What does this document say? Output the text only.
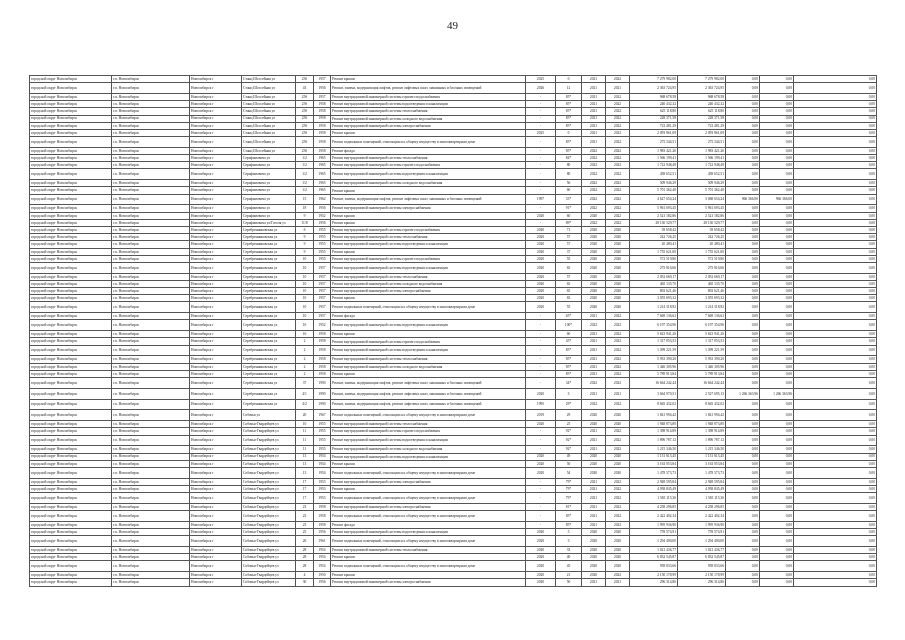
49
городской округ Новосибирск	г.п. Новосибирск	Новосибирск г	Станц Шоссейная ул	25б	1957	Ремонт крыши	2025	0	2021	2022	7 279 982,00	7 279 982,00	0,00	0,00	0,00
городской округ Новосибирск	г.п. Новосибирск	Новосибирск г	Станц Шоссейная ул	43	1956	Ремонт, замена, модернизация лифтов, ремонт лифтовых шахт, машинных и блочных помещений	2026	12	2021	2021	2 363 724,95	2 363 724,95	0,00	0,00	0,00
городской округ Новосибирск	г.п. Новосибирск	Новосибирск г	Станц Шоссейная ул	25б	1957	Ремонт внутридомовой инженерной системы горячего водоснабжения	-	85*	2021	2022	968 678,58	968 678,58	0,00	0,00	0,00
городской округ Новосибирск	г.п. Новосибирск	Новосибирск г	Станц Шоссейная ул	25б	1958	Ремонт внутридомовой инженерной системы водоотведения и канализации	-	85*	2021	2022	246 432,32	246 432,32	0,00	0,00	0,00
городской округ Новосибирск	г.п. Новосибирск	Новосибирск г	Станц Шоссейная ул	25б	1958	Ремонт внутридомовой инженерной системы теплоснабжения	-	85*	2021	2022	625 118,80	625 118,80	0,00	0,00	0,00
городской округ Новосибирск	г.п. Новосибирск	Новосибирск г	Станц Шоссейная ул	25б	1958	Ремонт внутридомовой инженерной системы холодного водоснабжения	-	85*	2021	2022	228 371,58	228 371,58	0,00	0,00	0,00
городской округ Новосибирск	г.п. Новосибирск	Новосибирск г	Станц Шоссейная ул	25б	1958	Ремонт внутридомовой инженерной системы электроснабжения	-	85*	2021	2022	723 481,29	723 481,29	0,00	0,00	0,00
городской округ Новосибирск	г.п. Новосибирск	Новосибирск г	Станц Шоссейная ул	25б	1958	Ремонт крыши	2025	0	2021	2022	2 093 861,69	2 093 861,69	0,00	0,00	0,00
городской округ Новосибирск	г.п. Новосибирск	Новосибирск г	Станц Шоссейная ул	25б	1958	Ремонт подвальных помещений, относящихся к общему имуществу в многоквартирном доме	-	85*	2021	2022	275 344,51	275 344,51	0,00	0,00	0,00
городской округ Новосибирск	г.п. Новосибирск	Новосибирск г	Станц Шоссейная ул	25б	1958	Ремонт фасада	-	85*	2022	2022	1 983 421,26	1 983 421,26	0,00	0,00	0,00
городской округ Новосибирск	г.п. Новосибирск	Новосибирск г	Серафимовича ул	1/2	1965	Ремонт внутридомовой инженерной системы теплоснабжения	-	84*	2022	2022	1 566 199,41	1 566 199,41	0,00	0,00	0,00
городской округ Новосибирск	г.п. Новосибирск	Новосибирск г	Серафимовича ул	1/2	1965	Ремонт внутридомовой инженерной системы горячего водоснабжения	-	80	2022	2022	1 722 948,49	1 722 948,49	0,00	0,00	0,00
городской округ Новосибирск	г.п. Новосибирск	Новосибирск г	Серафимовича ул	1/2	1965	Ремонт внутридомовой инженерной системы водоотведения и канализации	-	80	2022	2022	458 652,51	458 652,51	0,00	0,00	0,00
городской округ Новосибирск	г.п. Новосибирск	Новосибирск г	Серафимовича ул	1/2	1965	Ремонт внутридомовой инженерной системы холодного водоснабжения	-	56	2022	2022	509 946,29	509 946,29	0,00	0,00	0,00
городской округ Новосибирск	г.п. Новосибирск	Новосибирск г	Серафимовича ул	1/2	1965	Ремонт крыши	-	60	2022	2022	5 701 362,40	5 701 362,40	0,00	0,00	0,00
городской округ Новосибирск	г.п. Новосибирск	Новосибирск г	Серафимовича ул	15	1962	Ремонт, замена, модернизация лифтов, ремонт лифтовых шахт, машинных и блочных помещений	1997	33*	2022	2022	4 627 654,24	3 068 654,24	966 366,00	966 366,00	0,00
городской округ Новосибирск	г.п. Новосибирск	Новосибирск г	Серафимовича ул	18	1956	Ремонт внутридомовой инженерной системы электроснабжения	-	91*	2022	2022	5 961 693,45	5 961 693,45	0,00	0,00	0,00
городской округ Новосибирск	г.п. Новосибирск	Новосибирск г	Серафимовича ул	9	1952	Ремонт крыши	2020	60	2020	2022	2 521 182,86	2 521 182,86	0,00	0,00	0,00
городской округ Новосибирск	г.п. Новосибирск	Новосибирск г	Серафимовича ул/Гоголя ул	11/8	1956	Ремонт крыши	-	89*	2022	2022	28 130 529,77	28 130 529,77	0,00	0,00	0,00
городской округ Новосибирск	г.п. Новосибирск	Новосибирск г	Серебренниковская ул	6	1955	Ремонт внутридомовой инженерной системы горячего водоснабжения	2020	71	2020	2020	39 658,42	39 658,42	0,00	0,00	0,00
городской округ Новосибирск	г.п. Новосибирск	Новосибирск г	Серебренниковская ул	9	1955	Ремонт внутридомовой инженерной системы теплоснабжения	2020	57	2020	2020	242 726,25	242 726,25	0,00	0,00	0,00
городской округ Новосибирск	г.п. Новосибирск	Новосибирск г	Серебренниковская ул	9	1955	Ремонт внутридомовой инженерной системы водоотведения и канализации	2020	57	2020	2020	20 480,41	20 480,41	0,00	0,00	0,00
городской округ Новосибирск	г.п. Новосибирск	Новосибирск г	Серебренниковская ул	9	1955	Ремонт крыши	2020	37	2020	2020	1 755 621,00	1 755 621,00	0,00	0,00	0,00
городской округ Новосибирск	г.п. Новосибирск	Новосибирск г	Серебренниковская ул	10	1955	Ремонт внутридомовой инженерной системы горячего водоснабжения	2020	55	2020	2020	572 519,80	572 519,80	0,00	0,00	0,00
городской округ Новосибирск	г.п. Новосибирск	Новосибирск г	Серебренниковская ул	10	1957	Ремонт внутридомовой инженерной системы водоотведения и канализации	2020	65	2020	2020	275 816,66	275 816,66	0,00	0,00	0,00
городской округ Новосибирск	г.п. Новосибирск	Новосибирск г	Серебренниковская ул	10	1957	Ремонт внутридомовой инженерной системы теплоснабжения	2020	57	2020	2020	2 052 669,17	2 052 669,17	0,00	0,00	0,00
городской округ Новосибирск	г.п. Новосибирск	Новосибирск г	Серебренниковская ул	10	1957	Ремонт внутридомовой инженерной системы холодного водоснабжения	2020	65	2020	2020	465 135,70	465 135,70	0,00	0,00	0,00
городской округ Новосибирск	г.п. Новосибирск	Новосибирск г	Серебренниковская ул	10	1957	Ремонт внутридомовой инженерной системы электроснабжения	2020	65	2020	2020	803 621,46	803 621,46	0,00	0,00	0,00
городской округ Новосибирск	г.п. Новосибирск	Новосибирск г	Серебренниковская ул	10	1957	Ремонт крыши	2020	65	2020	2020	3 055 693,32	3 055 693,32	0,00	0,00	0,00
городской округ Новосибирск	г.п. Новосибирск	Новосибирск г	Серебренниковская ул	10	1957	Ремонт подвальных помещений, относящихся к общему имуществу в многоквартирном доме	2020	55	2020	2020	1 214 318,92	1 214 318,92	0,00	0,00	0,00
городской округ Новосибирск	г.п. Новосибирск	Новосибирск г	Серебренниковская ул	10	1957	Ремонт фасада	-	65*	2021	2022	7 669 136,62	7 669 136,62	0,00	0,00	0,00
городской округ Новосибирск	г.п. Новосибирск	Новосибирск г	Серебренниковская ул	16	1952	Ремонт внутридомовой инженерной системы водоотведения и канализации	-	100*	2022	2022	6 197 354,96	6 197 354,96	0,00	0,00	0,00
городской округ Новосибирск	г.п. Новосибирск	Новосибирск г	Серебренниковская ул	16	1958	Ремонт крыши	-	60	2021	2022	5 623 941,26	5 623 941,26	0,00	0,00	0,00
городской округ Новосибирск	г.п. Новосибирск	Новосибирск г	Серебренниковская ул	2	1958	Ремонт внутридомовой инженерной системы горячего водоснабжения	-	45*	2021	2022	1 317 053,53	1 317 053,53	0,00	0,00	0,00
городской округ Новосибирск	г.п. Новосибирск	Новосибирск г	Серебренниковская ул	2	1958	Ремонт внутридомовой инженерной системы водоотведения и канализации	-	85*	2021	2022	1 399 221,59	1 399 221,59	0,00	0,00	0,00
городской округ Новосибирск	г.п. Новосибирск	Новосибирск г	Серебренниковская ул	2	1958	Ремонт внутридомовой инженерной системы теплоснабжения	-	85*	2021	2022	5 933 390,20	5 933 390,20	0,00	0,00	0,00
городской округ Новосибирск	г.п. Новосибирск	Новосибирск г	Серебренниковская ул	2	1958	Ремонт внутридомовой инженерной системы холодного водоснабжения	-	85*	2021	2022	1 446 305,96	1 446 305,96	0,00	0,00	0,00
городской округ Новосибирск	г.п. Новосибирск	Новосибирск г	Серебренниковская ул	2	1958	Ремонт крыши	-	85*	2021	2022	5 789 913,84	5 789 913,84	0,00	0,00	0,00
городской округ Новосибирск	г.п. Новосибирск	Новосибирск г	Серебренниковская ул	37	1990	Ремонт, замена, модернизация лифтов, ремонт лифтовых шахт, машинных и блочных помещений	-	34*	2022	2022	16 664 242,44	16 664 242,44	0,00	0,00	0,00
городской округ Новосибирск	г.п. Новосибирск	Новосибирск г	Серебренниковская ул	4/1	1990	Ремонт, замена, модернизация лифтов, ремонт лифтовых шахт, машинных и блочных помещений	2020	3	2021	2021	3 664 970,51	2 527 695,13	1 266 363,96	1 266 363,96	0,00
городской округ Новосибирск	г.п. Новосибирск	Новосибирск г	Серебренниковская ул	4/2	1990	Ремонт, замена, модернизация лифтов, ремонт лифтовых шахт, машинных и блочных помещений	1995	29*	2022	2022	8 665 432,02	8 665 432,02	0,00	0,00	0,00
городской округ Новосибирск	г.п. Новосибирск	Новосибирск г	Собачья ул	20	1967	Ремонт подвальных помещений, относящихся к общему имуществу в многоквартирном доме	2019	29	2020	2020	1 841 994,42	1 841 994,42	0,00	0,00	0,00
городской округ Новосибирск	г.п. Новосибирск	Новосибирск г	Собачья-Гвардейцев ул	10	1955	Ремонт внутридомовой инженерной системы теплоснабжения	2020	25	2020	2020	1 948 873,80	1 948 873,80	0,00	0,00	0,00
городской округ Новосибирск	г.п. Новосибирск	Новосибирск г	Собачья-Гвардейцев ул	11	1955	Ремонт внутридомовой инженерной системы горячего водоснабжения	-	92*	2021	2022	1 398 914,89	1 398 914,89	0,00	0,00	0,00
городской округ Новосибирск	г.п. Новосибирск	Новосибирск г	Собачья-Гвардейцев ул	11	1955	Ремонт внутридомовой инженерной системы водоотведения и канализации	-	92*	2021	2022	1 896 787,12	1 896 787,12	0,00	0,00	0,00
городской округ Новосибирск	г.п. Новосибирск	Новосибирск г	Собачья-Гвардейцев ул	11	1955	Ремонт внутридомовой инженерной системы холодного водоснабжения	-	92*	2021	2022	1 215 346,50	1 215 346,50	0,00	0,00	0,00
городской округ Новосибирск	г.п. Новосибирск	Новосибирск г	Собачья-Гвардейцев ул	13	1954	Ремонт внутридомовой инженерной системы водоотведения и канализации	2020	49	2020	2020	1 151 613,45	1 151 613,45	0,00	0,00	0,00
городской округ Новосибирск	г.п. Новосибирск	Новосибирск г	Собачья-Гвардейцев ул	13	1954	Ремонт крыши	2020	50	2020	2020	3 163 053,84	3 163 053,84	0,00	0,00	0,00
городской округ Новосибирск	г.п. Новосибирск	Новосибирск г	Собачья-Гвардейцев ул	13	1954	Ремонт подвальных помещений, относящихся к общему имуществу в многоквартирном доме	2020	54	2020	2020	1 478 573,73	1 478 573,73	0,00	0,00	0,00
городской округ Новосибирск	г.п. Новосибирск	Новосибирск г	Собачья-Гвардейцев ул	17	1953	Ремонт внутридомовой инженерной системы электроснабжения	-	79*	2021	2022	2 948 595,84	2 948 595,84	0,00	0,00	0,00
городской округ Новосибирск	г.п. Новосибирск	Новосибирск г	Собачья-Гвардейцев ул	17	1953	Ремонт крыши	-	79*	2021	2022	4 938 845,49	4 938 845,49	0,00	0,00	0,00
городской округ Новосибирск	г.п. Новосибирск	Новосибирск г	Собачья-Гвардейцев ул	17	1953	Ремонт подвальных помещений, относящихся к общему имуществу в многоквартирном доме	-	79*	2021	2022	1 565 115,36	1 565 115,36	0,00	0,00	0,00
городской округ Новосибирск	г.п. Новосибирск	Новосибирск г	Собачья-Гвардейцев ул	23	1958	Ремонт внутридомовой инженерной системы электроснабжения	-	81*	2021	2022	4 258 296,85	4 258 296,85	0,00	0,00	0,00
городской округ Новосибирск	г.п. Новосибирск	Новосибирск г	Собачья-Гвардейцев ул	23	1958	Ремонт подвальных помещений, относящихся к общему имуществу в многоквартирном доме	-	85*	2021	2022	2 422 402,34	2 422 402,34	0,00	0,00	0,00
городской округ Новосибирск	г.п. Новосибирск	Новосибирск г	Собачья-Гвардейцев ул	23	1958	Ремонт фасада	-	85*	2021	2022	1 995 936,90	1 995 936,90	0,00	0,00	0,00
городской округ Новосибирск	г.п. Новосибирск	Новосибирск г	Собачья-Гвардейцев ул	25	1956	Ремонт внутридомовой инженерной системы водоотведения и канализации	2020	5	2020	2020	759 574,91	759 574,91	0,00	0,00	0,00
городской округ Новосибирск	г.п. Новосибирск	Новосибирск г	Собачья-Гвардейцев ул	26	1961	Ремонт подвальных помещений, относящихся к общему имуществу в многоквартирном доме	2020	3	2020	2020	1 294 400,00	1 294 400,00	0,00	0,00	0,00
городской округ Новосибирск	г.п. Новосибирск	Новосибирск г	Собачья-Гвардейцев ул	28	1954	Ремонт внутридомовой инженерной системы теплоснабжения	2020	33	2020	2020	1 021 436,77	1 021 436,77	0,00	0,00	0,00
городской округ Новосибирск	г.п. Новосибирск	Новосибирск г	Собачья-Гвардейцев ул	28	1954	Ремонт крыши	2020	40	2020	2020	6 832 545,87	6 832 545,87	0,00	0,00	0,00
городской округ Новосибирск	г.п. Новосибирск	Новосибирск г	Собачья-Гвардейцев ул	28	1954	Ремонт подвальных помещений, относящихся к общему имуществу в многоквартирном доме	2020	45	2020	2020	958 833,66	958 833,66	0,00	0,00	0,00
городской округ Новосибирск	г.п. Новосибирск	Новосибирск г	Собачья-Гвардейцев ул	4	1950	Ремонт крыши	2020	21	2020	2022	2 150 178,99	2 150 178,99	0,00	0,00	0,00
городской округ Новосибирск	г.п. Новосибирск	Новосибирск г	Собачья-Гвардейцев ул	30	1956	Ремонт внутридомовой инженерной системы электроснабжения	2020	50	2021	2021	296 314,86	296 314,86	0,00	0,00	0,00
